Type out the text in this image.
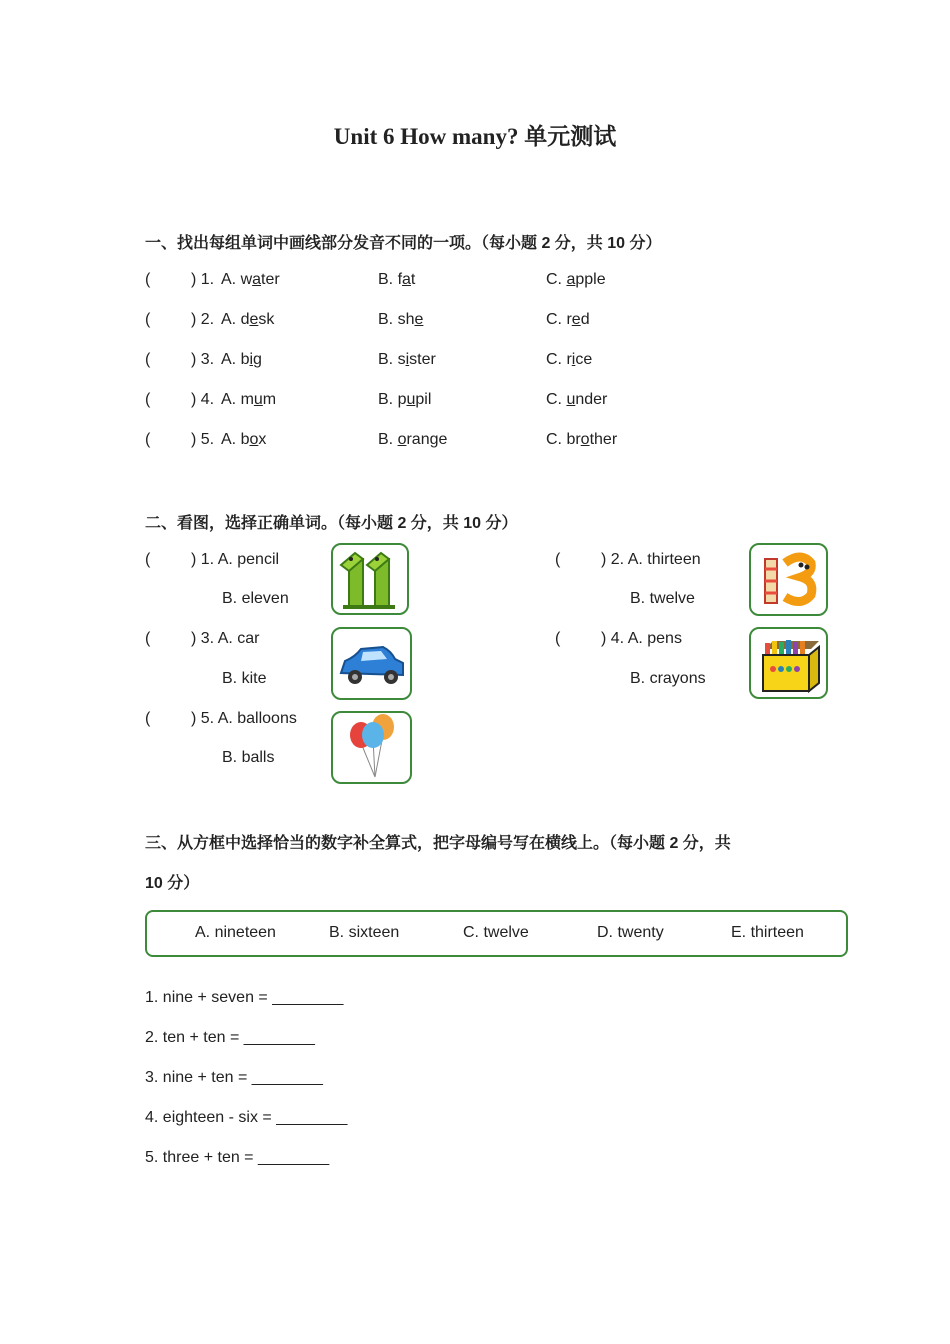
Unit 6 How many? 单元测试
一、找出每组单词中画线部分发音不同的一项。（每小题 2 分，共 10 分）
(	) 1. A. water	B. fat	C. apple
(	) 2. A. desk	B. she	C. red
(	) 3. A. big	B. sister	C. rice
(	) 4. A. mum	B. pupil	C. under
(	) 5. A. box	B. orange	C. brother
二、看图，选择正确单词。（每小题 2 分，共 10 分）
(	) 1. A. pencil
B. eleven
(	) 2. A. thirteen
B. twelve
(	) 3. A. car
B. kite
(	) 4. A. pens
B. crayons
(	) 5. A. balloons
B. balls
三、从方框中选择恰当的数字补全算式，把字母编号写在横线上。（每小题 2 分，共
10 分）
A. nineteen	B. sixteen	C. twelve	D. twenty	E. thirteen
1. nine + seven = ________
2. ten + ten = ________
3. nine + ten = ________
4. eighteen - six = ________
5. three + ten = ________
